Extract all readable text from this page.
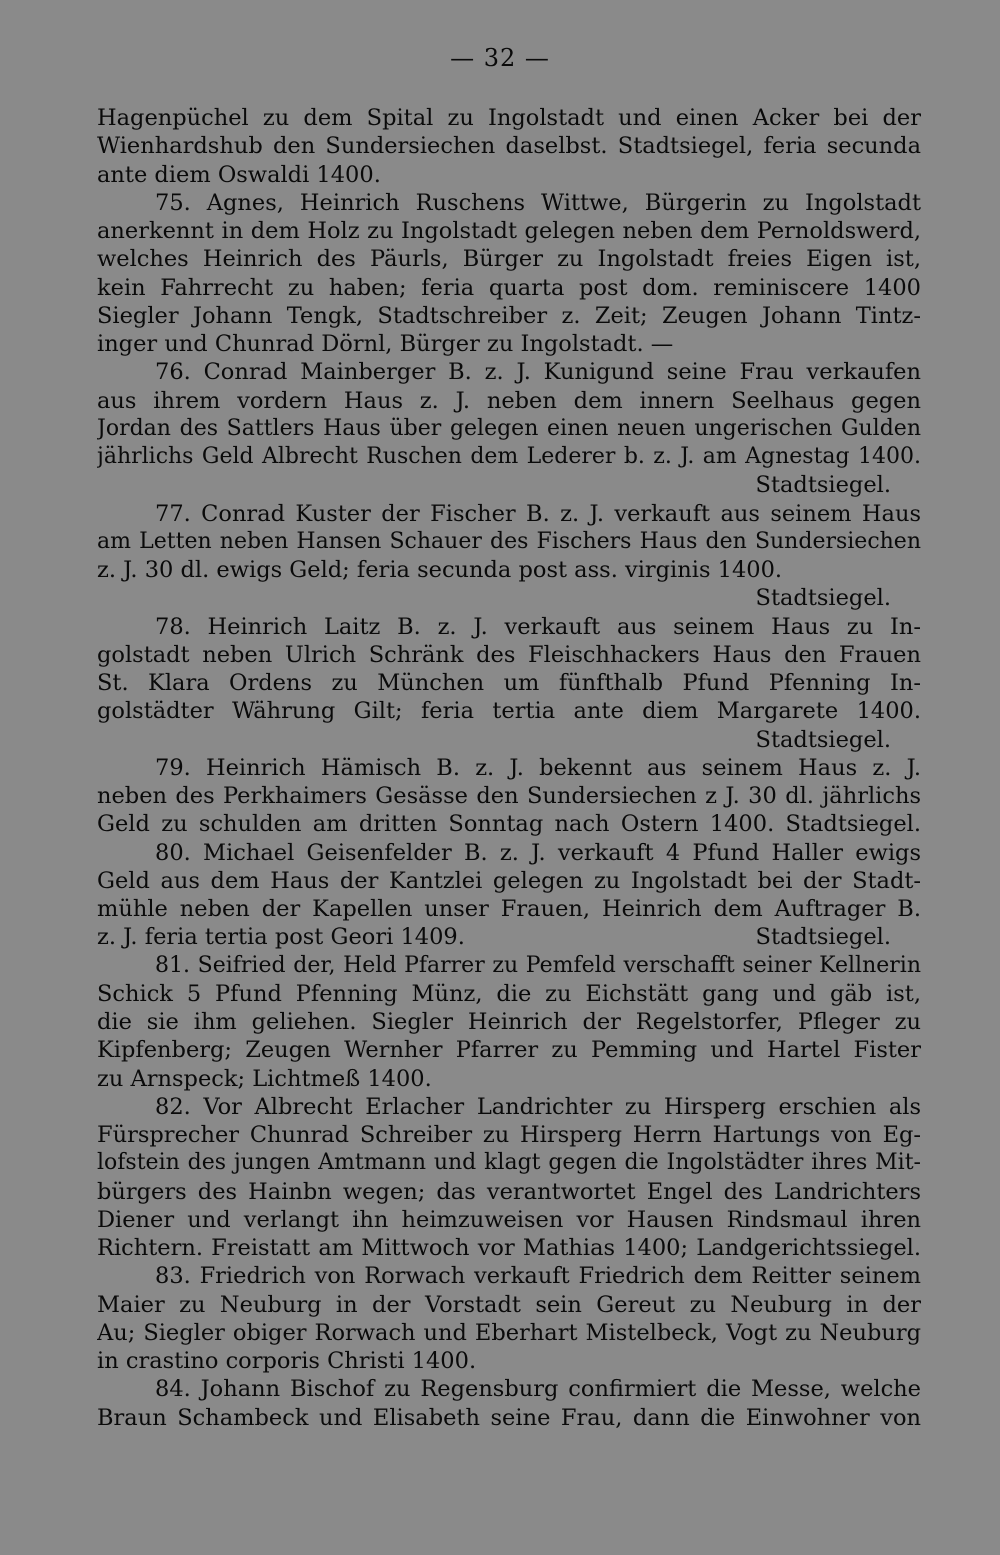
— 32 —
Hagenpüchel zu dem Spital zu Ingolstadt und einen Acker bei der
Wienhardshub den Sundersiechen daselbst. Stadtsiegel, feria secunda
ante diem Oswaldi 1400.
75. Agnes, Heinrich Ruschens Wittwe, Bürgerin zu Ingolstadt
anerkennt in dem Holz zu Ingolstadt gelegen neben dem Pernoldswerd,
welches Heinrich des Päurls, Bürger zu Ingolstadt freies Eigen ist,
kein Fahrrecht zu haben; feria quarta post dom. reminiscere 1400
Siegler Johann Tengk, Stadtschreiber z. Zeit; Zeugen Johann Tintz-
inger und Chunrad Dörnl, Bürger zu Ingolstadt. —
76. Conrad Mainberger B. z. J. Kunigund seine Frau verkaufen
aus ihrem vordern Haus z. J. neben dem innern Seelhaus gegen
Jordan des Sattlers Haus über gelegen einen neuen ungerischen Gulden
jährlichs Geld Albrecht Ruschen dem Lederer b. z. J. am Agnestag 1400.
Stadtsiegel.
77. Conrad Kuster der Fischer B. z. J. verkauft aus seinem Haus
am Letten neben Hansen Schauer des Fischers Haus den Sundersiechen
z. J. 30 dl. ewigs Geld; feria secunda post ass. virginis 1400.
Stadtsiegel.
78. Heinrich Laitz B. z. J. verkauft aus seinem Haus zu In-
golstadt neben Ulrich Schränk des Fleischhackers Haus den Frauen
St. Klara Ordens zu München um fünfthalb Pfund Pfenning In-
golstädter Währung Gilt; feria tertia ante diem Margarete 1400.
Stadtsiegel.
79. Heinrich Hämisch B. z. J. bekennt aus seinem Haus z. J.
neben des Perkhaimers Gesässe den Sundersiechen z J. 30 dl. jährlichs
Geld zu schulden am dritten Sonntag nach Ostern 1400. Stadtsiegel.
80. Michael Geisenfelder B. z. J. verkauft 4 Pfund Haller ewigs
Geld aus dem Haus der Kantzlei gelegen zu Ingolstadt bei der Stadt-
mühle neben der Kapellen unser Frauen, Heinrich dem Auftrager B.
z. J. feria tertia post Geori 1409.	Stadtsiegel.
81. Seifried der, Held Pfarrer zu Pemfeld verschafft seiner Kellnerin
Schick 5 Pfund Pfenning Münz, die zu Eichstätt gang und gäb ist,
die sie ihm geliehen. Siegler Heinrich der Regelstorfer, Pfleger zu
Kipfenberg; Zeugen Wernher Pfarrer zu Pemming und Hartel Fister
zu Arnspeck; Lichtmeß 1400.
82. Vor Albrecht Erlacher Landrichter zu Hirsperg erschien als
Fürsprecher Chunrad Schreiber zu Hirsperg Herrn Hartungs von Eg-
lofstein des jungen Amtmann und klagt gegen die Ingolstädter ihres Mit-
bürgers des Hainbn wegen; das verantwortet Engel des Landrichters
Diener und verlangt ihn heimzuweisen vor Hausen Rindsmaul ihren
Richtern. Freistatt am Mittwoch vor Mathias 1400; Landgerichtssiegel.
83. Friedrich von Rorwach verkauft Friedrich dem Reitter seinem
Maier zu Neuburg in der Vorstadt sein Gereut zu Neuburg in der
Au; Siegler obiger Rorwach und Eberhart Mistelbeck, Vogt zu Neuburg
in crastino corporis Christi 1400.
84. Johann Bischof zu Regensburg confirmiert die Messe, welche
Braun Schambeck und Elisabeth seine Frau, dann die Einwohner von
